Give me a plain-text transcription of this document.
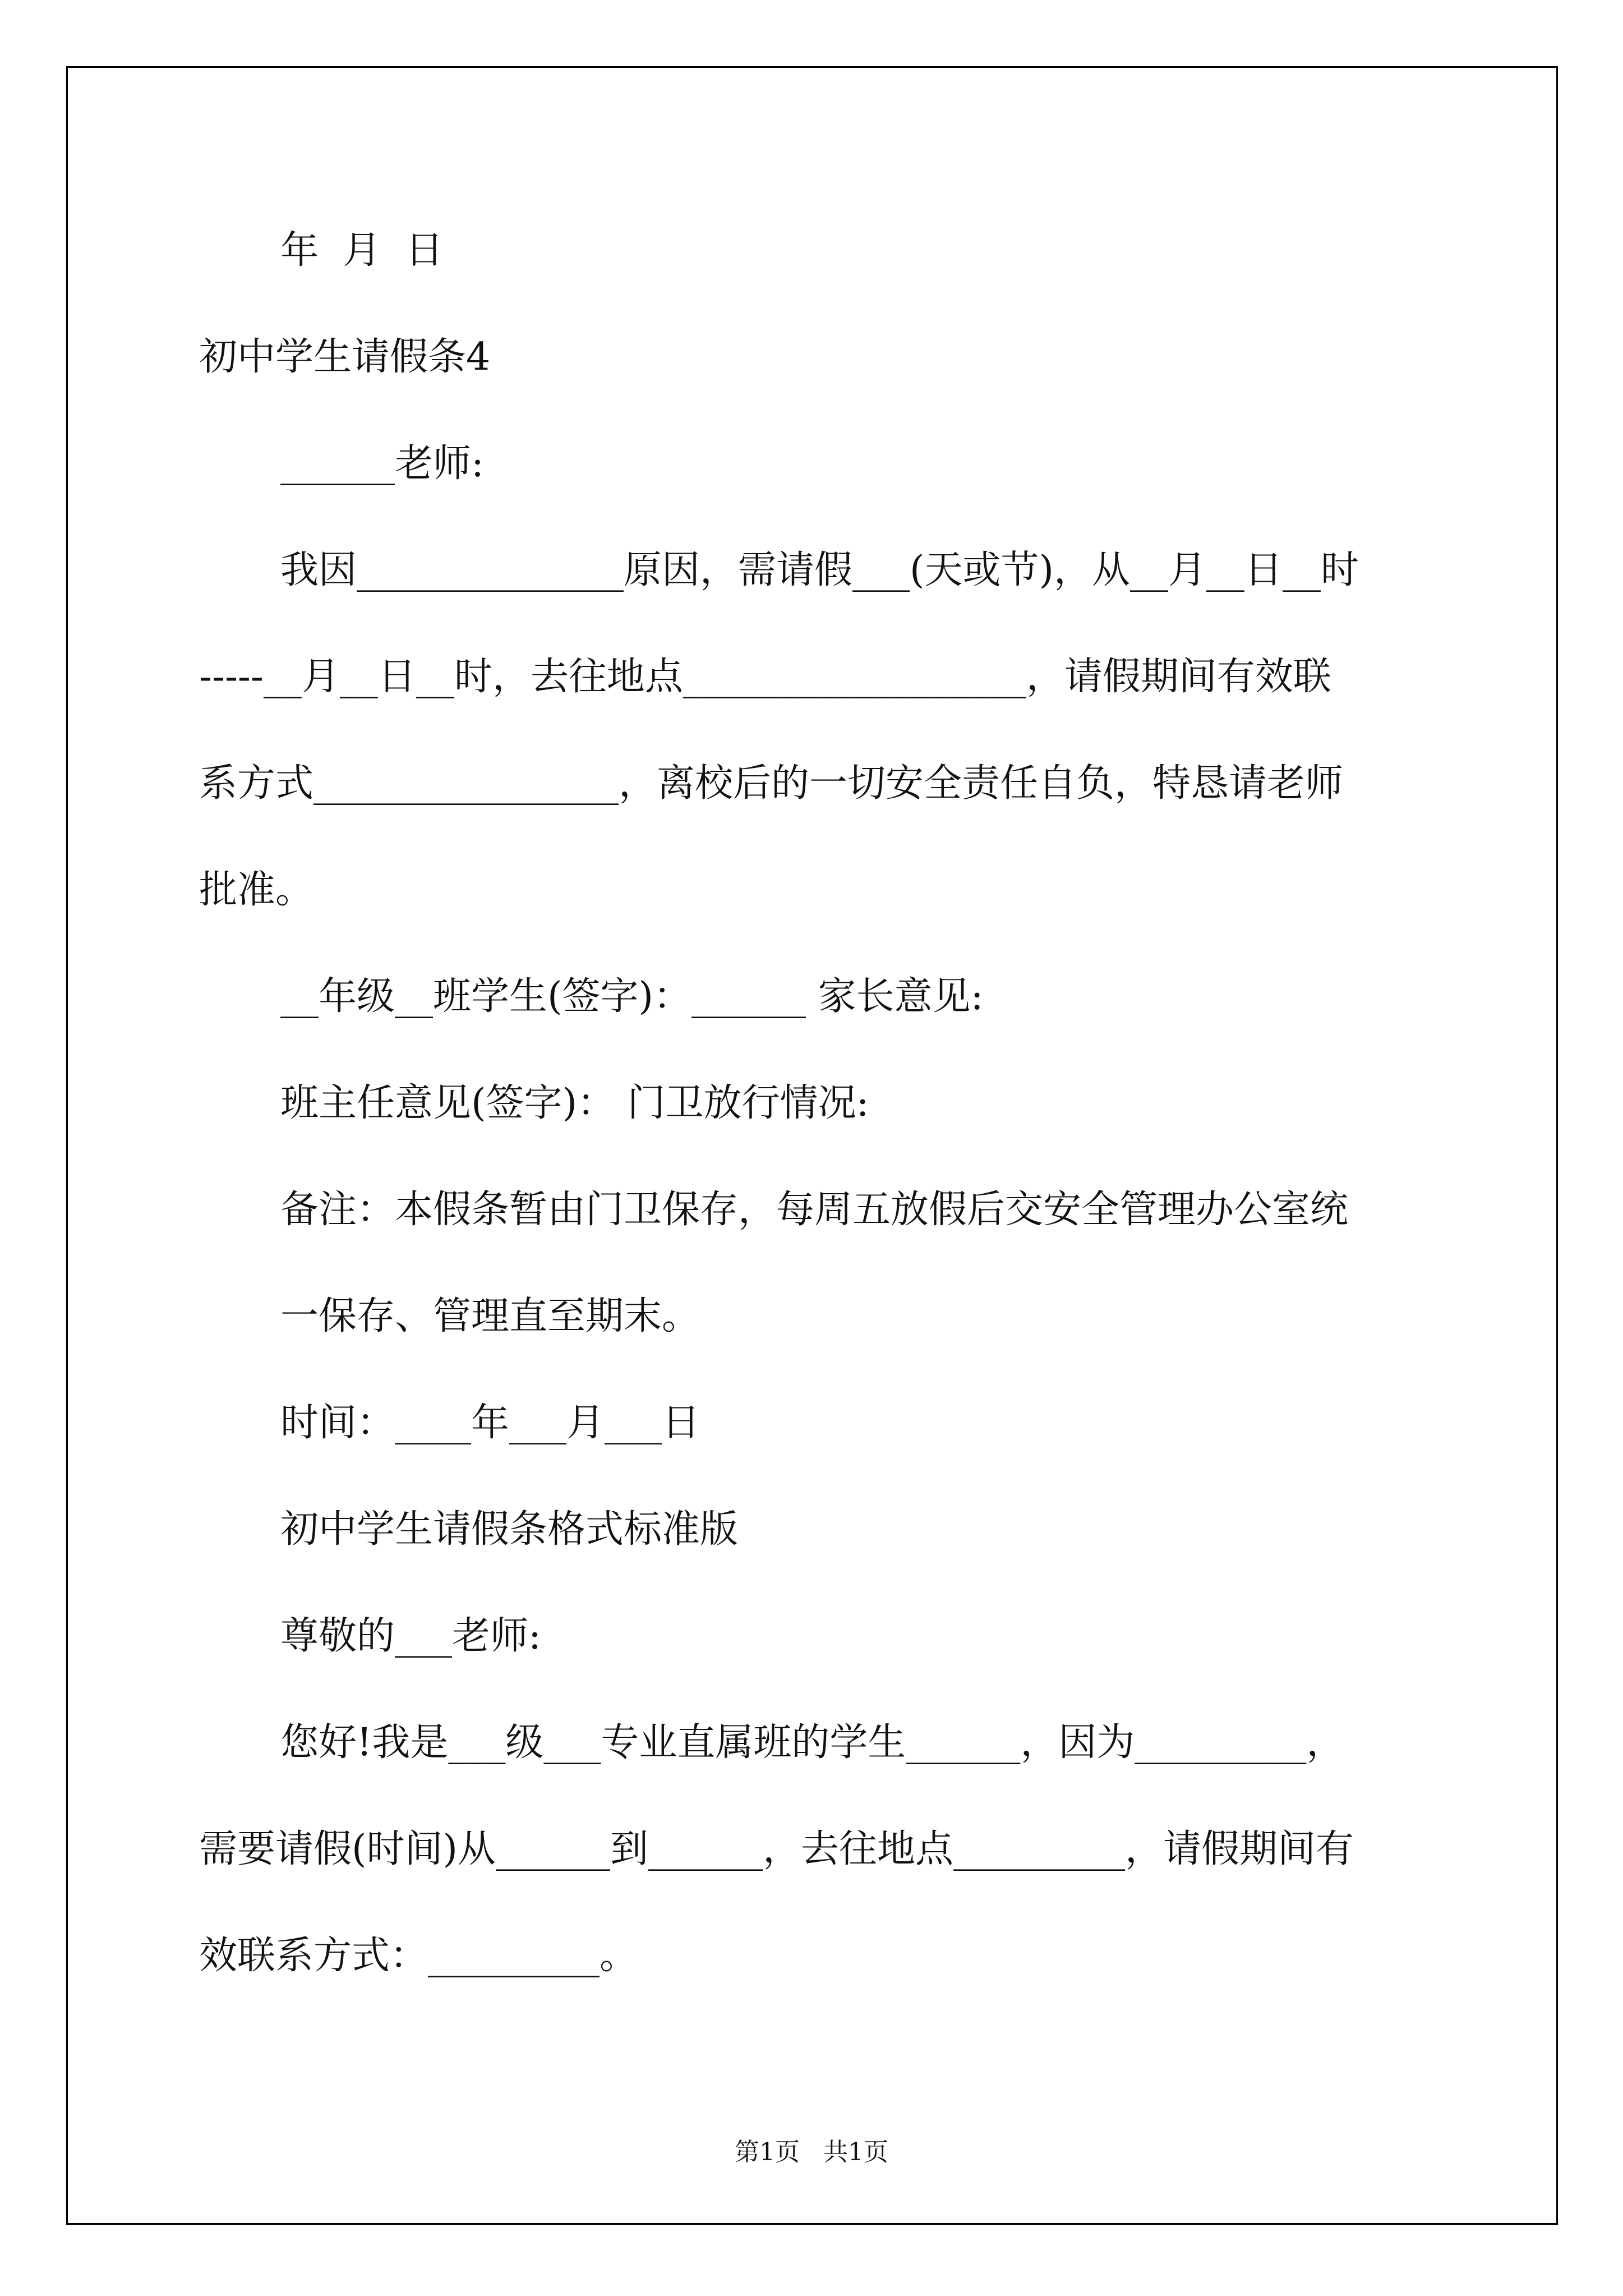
年  月  日
初中学生请假条4
______老师:
我因______________原因，需请假___(天或节)，从__月__日__时
-----__月__日__时，去往地点__________________，请假期间有效联
系方式________________，离校后的一切安全责任自负，特恳请老师
批准。
__年级__班学生(签字)：______ 家长意见:
班主任意见(签字)： 门卫放行情况:
备注：本假条暂由门卫保存，每周五放假后交安全管理办公室统
一保存、管理直至期末。
时间：____年___月___日
初中学生请假条格式标准版
尊敬的___老师:
您好!我是___级___专业直属班的学生______，因为_________，
需要请假(时间)从______到______，去往地点_________，请假期间有
效联系方式：_________。
第1页   共1页
